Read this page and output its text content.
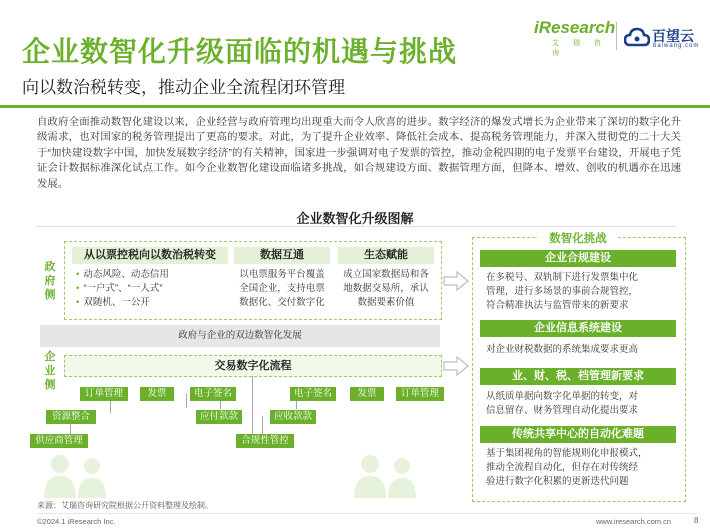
企业数智化升级面临的机遇与挑战
向以数治税转变，推动企业全流程闭环管理
iResearch
艾 瑞 咨 询
百望云
baiwang.com
自政府全面推动数智化建设以来，企业经营与政府管理均出现重大而令人欣喜的进步。数字经济的爆发式增长为企业带来了深切的数字化升级需求，也对国家的税务管理提出了更高的要求。对此，为了提升企业效率、降低社会成本、提高税务管理能力，并深入贯彻党的二十大关于“加快建设数字中国，加快发展数字经济”的有关精神，国家进一步强调对电子发票的管控，推动金税四期的电子发票平台建设，开展电子凭证会计数据标准深化试点工作。如今企业数智化建设面临诸多挑战，如合规建设方面、数据管理方面，但降本、增效、创收的机遇亦在迅速发展。
企业数智化升级图解
政府侧
从以票控税向以数治税转变
• 动态风险、动态信用
• “一户式”、“一人式”
• 双随机、一公开
数据互通
以电票服务平台覆盖
全国企业，支持电票
数据化、交付数字化
生态赋能
成立国家数据局和各
地数据交易所，承认
数据要素价值
政府与企业的双边数智化发展
企业侧
交易数字化流程
订单管理	发票	电子签名
资源整合	应付款款
供应商管理
电子签名	发票	订单管理
应收款款
合规性管控
数智化挑战
企业合规建设
在多税号、双轨制下进行发票集中化
管理，进行多场景的事前合规管控，
符合精准执法与监管带来的新要求
企业信息系统建设
对企业财税数据的系统集成要求更高
业、财、税、档管理新要求
从纸质单据向数字化单据的转变，对
信息留存、财务管理自动化提出要求
传统共享中心的自动化难题
基于集团视角的智能规则化申报模式，
推动全流程自动化，但存在对传统经
验进行数字化积累的更新迭代问题
来源：艾瑞咨询研究院根据公开资料整理及绘制。
©2024.1 iResearch Inc.	www.iresearch.com.cn	8
